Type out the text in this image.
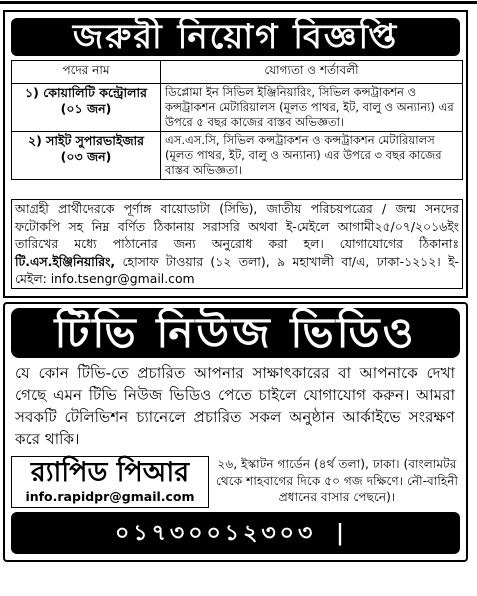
জরুরী নিয়োগ বিজ্ঞপ্তি
পদের নাম	যোগ্যতা ও শর্তাবলী

১) কোয়ালিটি কন্ট্রোলার
(০১ জন)	ডিপ্লোমা ইন সিভিল ইঞ্জিনিয়ারিং, সিভিল কন্সট্রাকশন ও কন্সট্রাকশন মেটারিয়ালস (মূলত পাথর, ইট, বালু ও অন্যান্য) এর উপরে ৫ বছর কাজের বাস্তব অভিজ্ঞতা।

২) সাইট সুপারভাইজার
(০৩ জন)	এস.এস.সি, সিভিল কন্সট্রাকশন ও কন্সট্রাকশন মেটারিয়ালস (মূলত পাথর, ইট, বালু ও অন্যান্য) এর উপরে ৩ বছর কাজের বাস্তব অভিজ্ঞতা।
আগ্রহী প্রার্থীদেরকে পূর্ণাঙ্গ বায়োডাটা (সিভি), জাতীয় পরিচয়পত্রের / জন্ম সনদের ফটোকপি সহ নিম্ন বর্ণিত ঠিকানায় সরাসরি অথবা ই-মেইলে আগামী২৫/০৭/২০১৬ইং তারিখের মধ্যে পাঠানোর জন্য অনুরোধ করা হল। যোগাযোগের ঠিকানাঃ টি.এস.ইঞ্জিনিয়ারিং, হোসাফ টাওয়ার (১২ তলা), ৯ মহাখালী বা/এ, ঢাকা-১২১২। ই-মেইল: info.tsengr@gmail.com
টিভি নিউজ ভিডিও
যে কোন টিভি-তে প্রচারিত আপনার সাক্ষাৎকারের বা আপনাকে দেখা গেছে এমন টিভি নিউজ ভিডিও পেতে চাইলে যোগাযোগ করুন। আমরা সবকটি টেলিভিশন চ্যানেলে প্রচারিত সকল অনুষ্ঠান আর্কাইভে সংরক্ষণ করে থাকি।
র‍্যাপিড পিআর
info.rapidpr@gmail.com
২৬, ইস্কাটন গার্ডেন (৪র্থ তলা), ঢাকা। (বাংলামটর থেকে শাহবাগের দিকে ৫০ গজ দক্ষিণে। নৌ-বাহিনী প্রধানের বাসার পেছনে)।
০১৭৩০০১২৩০৩ | ০১৭৩০০১২৩০৮
